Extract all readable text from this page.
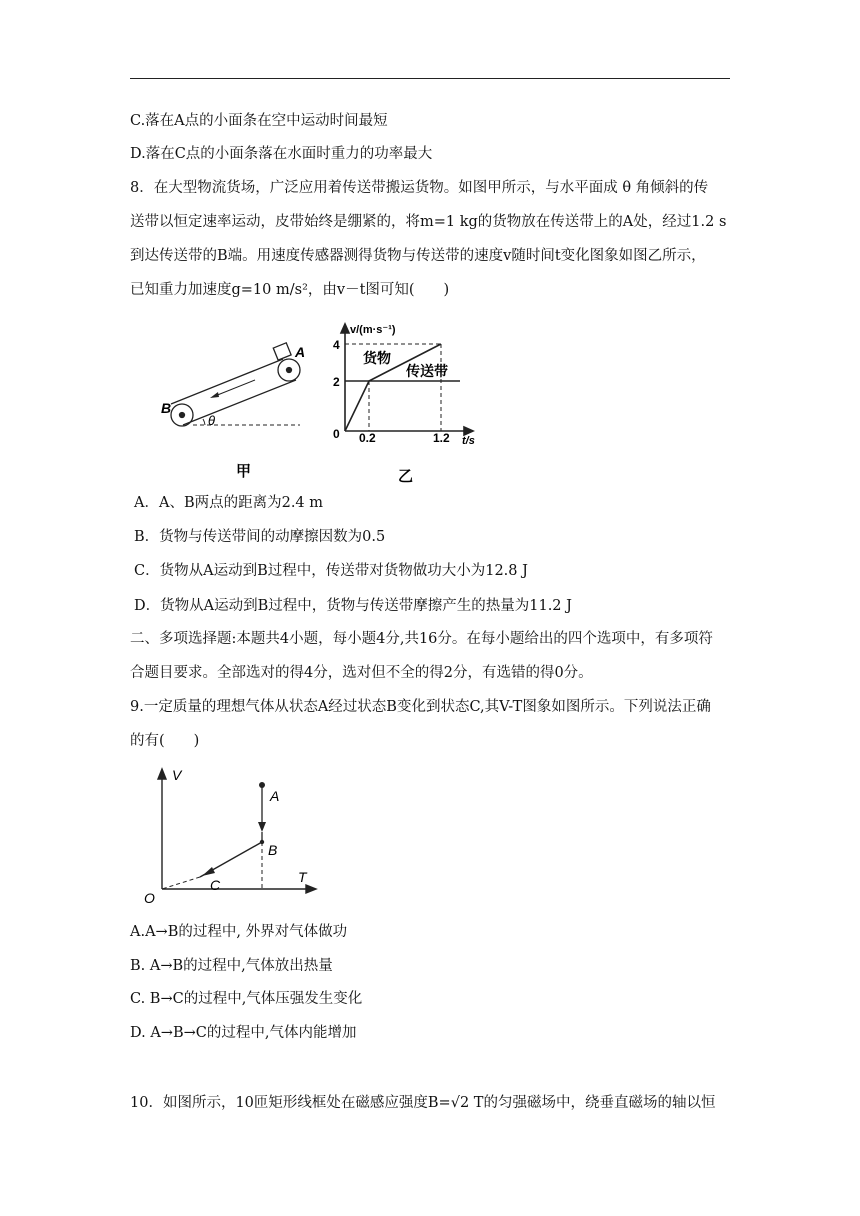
C.落在A点的小面条在空中运动时间最短
D.落在C点的小面条落在水面时重力的功率最大
8．在大型物流货场，广泛应用着传送带搬运货物。如图甲所示，与水平面成 θ 角倾斜的传
送带以恒定速率运动，皮带始终是绷紧的，将m=1 kg的货物放在传送带上的A处，经过1.2 s
到达传送带的B端。用速度传感器测得货物与传送带的速度v随时间t变化图象如图乙所示，
已知重力加速度g=10 m/s²，由v－t图可知(　　)
θ
B
A
甲
v/(m·s⁻¹)
t/s
0
4
2
0.2	1.2
货物
传送带
乙
A．A、B两点的距离为2.4 m
B．货物与传送带间的动摩擦因数为0.5
C．货物从A运动到B过程中，传送带对货物做功大小为12.8 J
D．货物从A运动到B过程中，货物与传送带摩擦产生的热量为11.2 J
二、多项选择题:本题共4小题，每小题4分,共16分。在每小题给出的四个选项中，有多项符
合题目要求。全部选对的得4分，选对但不全的得2分，有选错的得0分。
9.一定质量的理想气体从状态A经过状态B变化到状态C,其V-T图象如图所示。下列说法正确
的有(　　)
V
T
O
A
B
C
A.A→B的过程中, 外界对气体做功
B. A→B的过程中,气体放出热量
C. B→C的过程中,气体压强发生变化
D. A→B→C的过程中,气体内能增加
10．如图所示，10匝矩形线框处在磁感应强度B=√2 T的匀强磁场中，绕垂直磁场的轴以恒
